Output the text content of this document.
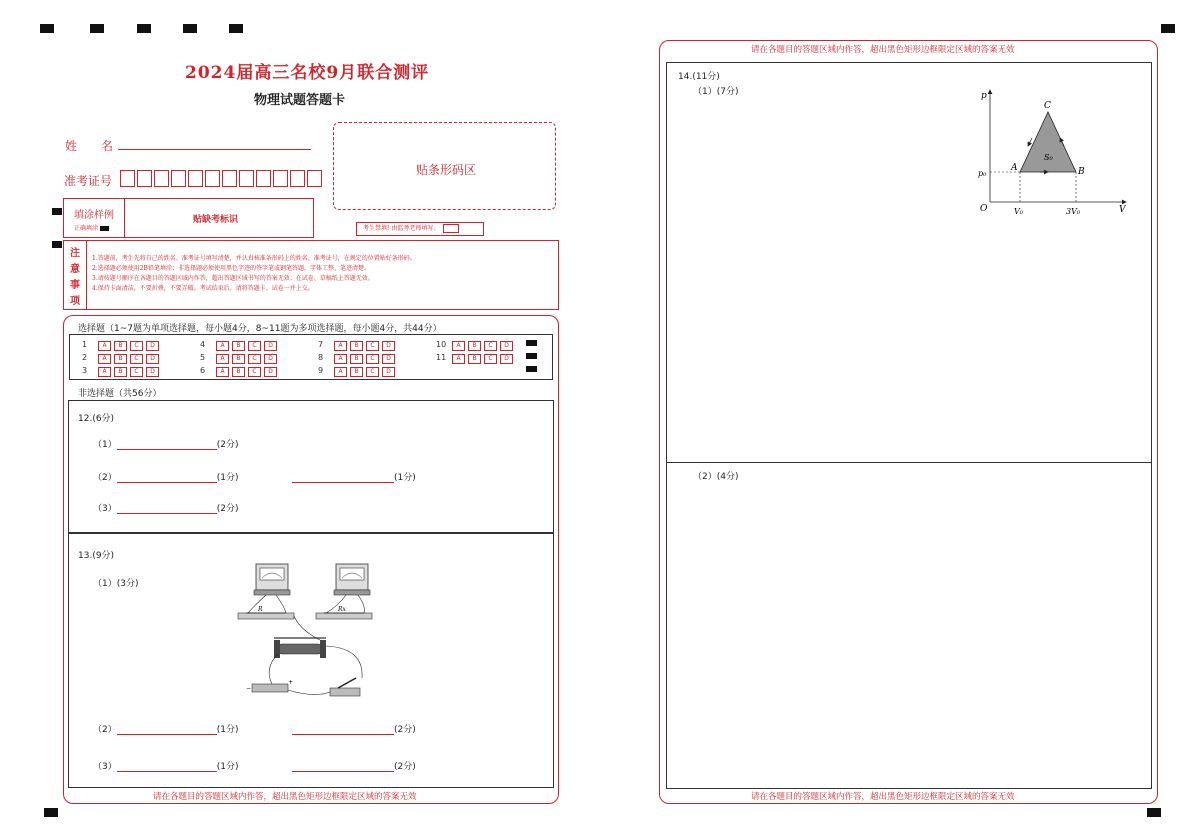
2024届高三名校9月联合测评
物理试题答题卡
姓　　名
准考证号

贴条形码区
填涂样例
正确填涂
贴缺考标识
考生禁填! 由监考老师填写。
注
意
事
项
1.答题前，考生先将自己的姓名、准考证号填写清楚，并认真核准条形码上的姓名、准考证号，在规定的位置贴好条形码。
2.选择题必须使用2B铅笔填涂；非选择题必须使用黑色字迹的签字笔或钢笔答题，字体工整、笔迹清楚。
3.请按题号顺序在各题目的答题区域内作答，超出答题区域书写的答案无效；在试卷、草稿纸上答题无效。
4.保持卡面清洁，不要折叠，不要弄破。考试结束后，请将答题卡、试卷一并上交。
选择题（1~7题为单项选择题，每小题4分，8~11题为多项选择题，每小题4分，共44分）
1	A B C D
2	A B C D
3	A B C D
4	A B C D
5	A B C D
6	A B C D
7	A B C D
8	A B C D
9	A B C D
10 A B C D
11 A B C D
非选择题（共56分）
12.(6分)
（1）	(2分)
（2）	(1分)	(1分)
（3）	(2分)
13.(9分)
（1）(3分)
R	Rx
−
+
（2）	(1分)	(2分)
（3）	(1分)	(2分)
请在各题目的答题区域内作答，超出黑色矩形边框限定区域的答案无效
请在各题目的答题区域内作答，超出黑色矩形边框限定区域的答案无效
14.(11分)
（1）(7分)
（2）(4分)
p
V
O
C
A	B
S₀
p₀
V₀	3V₀
请在各题目的答题区域内作答，超出黑色矩形边框限定区域的答案无效
